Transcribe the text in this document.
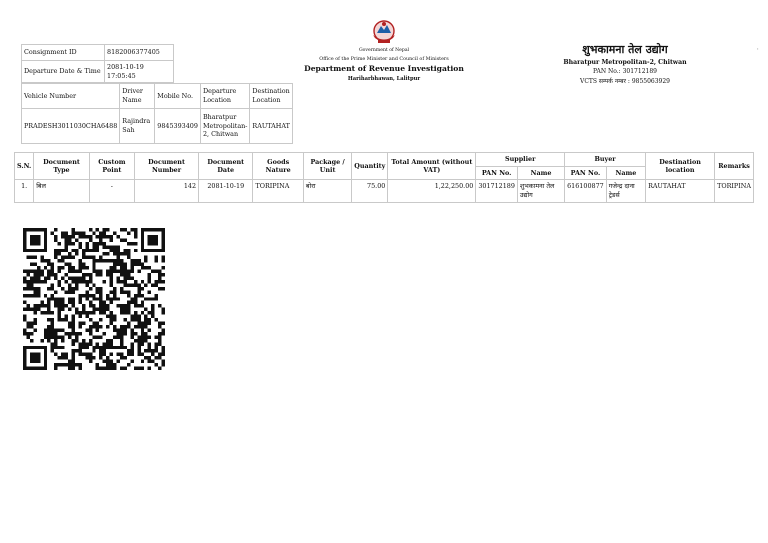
Consignment ID	8182006377405
Departure Date & Time	2081-10-19 17:05:45
Vehicle Number	Driver Name	Mobile No.	Departure Location	Destination Location
PRADESH3011030CHA6488	Rajindra Sah	9845393409	Bharatpur Metropolitan-2, Chitwan	RAUTAHAT
Government of Nepal
Office of the Prime Minister and Council of Ministers
Department of Revenue Investigation
Hariharbhawan, Lalitpur
शुभकामना तेल उद्योग
Bharatpur Metropolitan-2, Chitwan
PAN No.: 301712189
VCTS सम्पर्क नम्बर : 9855063929
'
S.N.	Document Type	Custom Point	Document Number	Document Date	Goods Nature	Package / Unit	Quantity	Total Amount (without VAT)	Supplier		Buyer		Destination location	Remarks
									PAN No.	Name	PAN No.	Name		
1.	बिल	-	142	2081-10-19	TORIPINA	बोरा	75.00	1,22,250.00	301712189	शुभकामना तेल उद्योग	616100877	गजेन्द्र दाना ट्रेडर्स	RAUTAHAT	TORIPINA
